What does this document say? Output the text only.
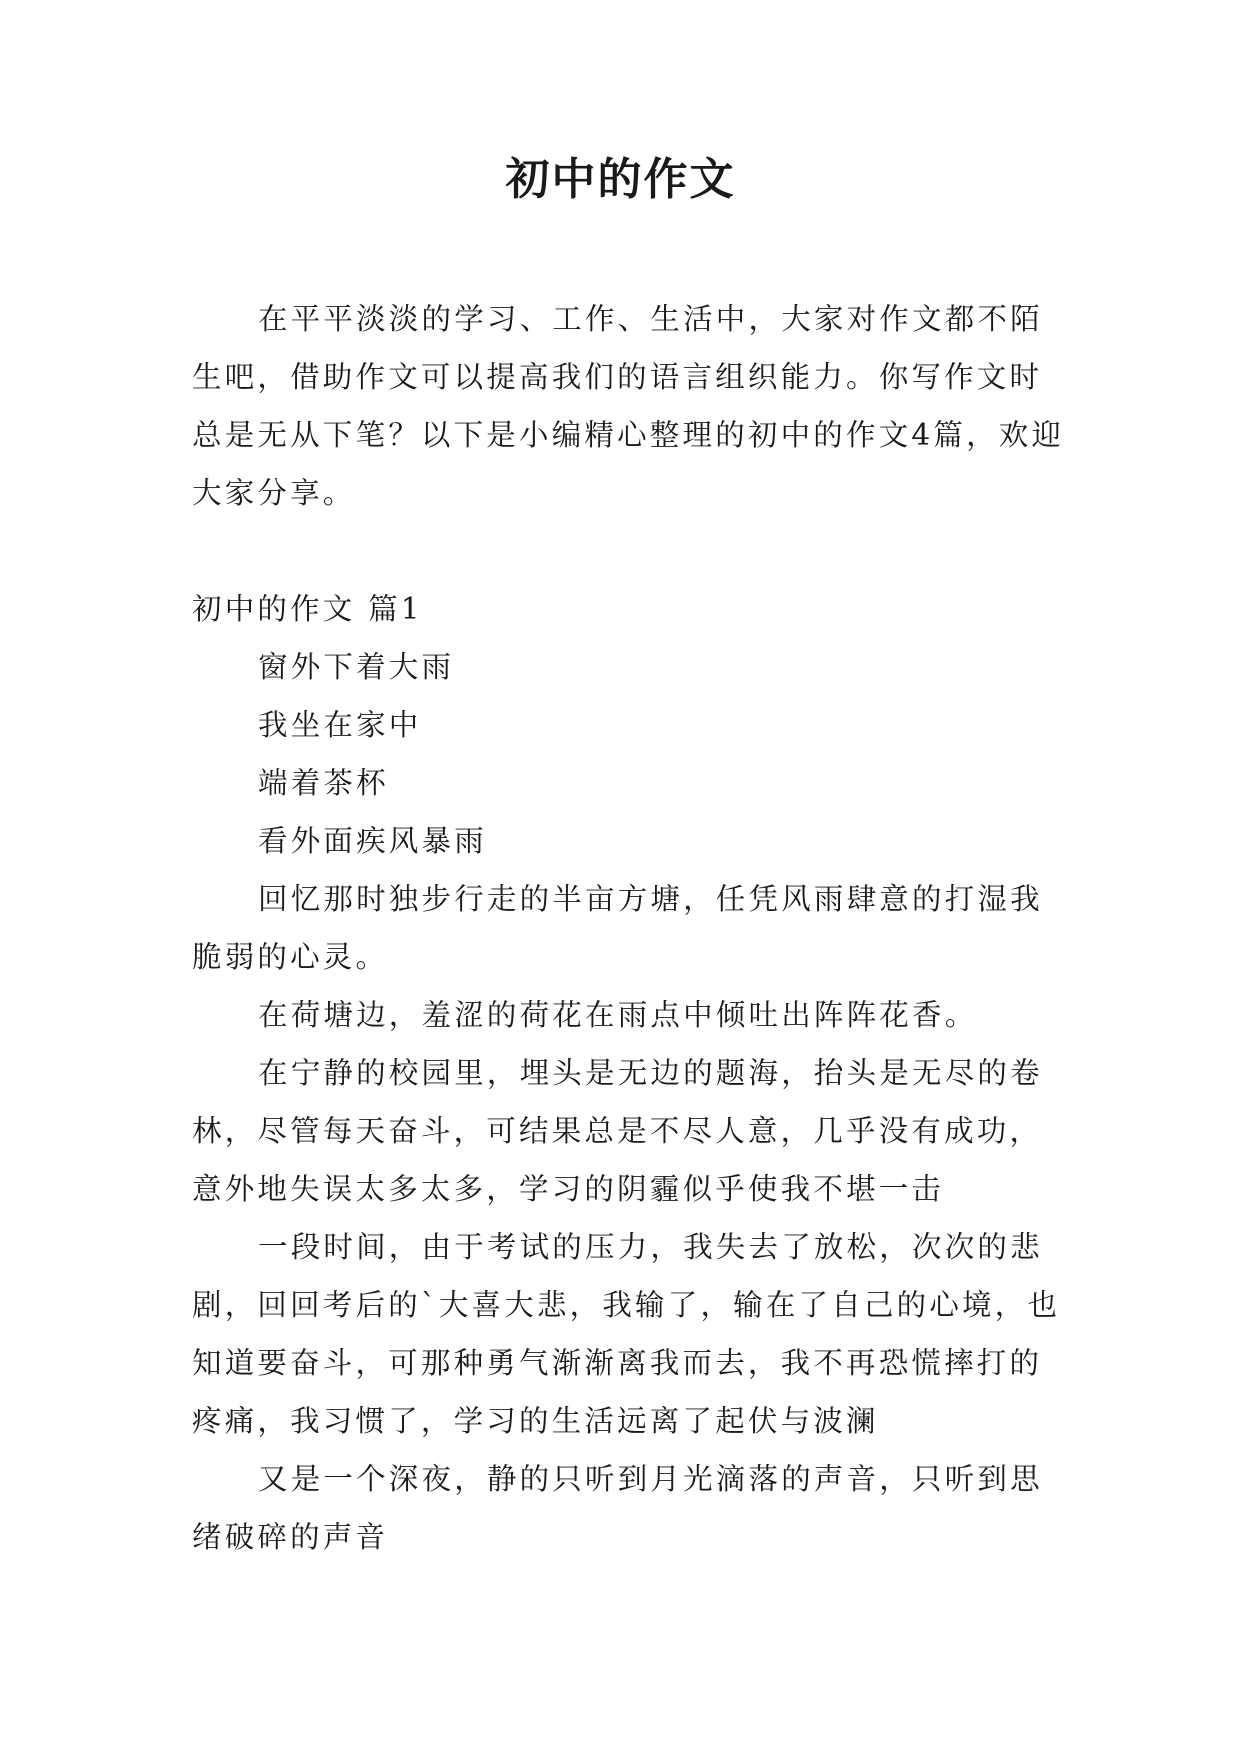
初中的作文

在平平淡淡的学习、工作、生活中，大家对作文都不陌生吧，借助作文可以提高我们的语言组织能力。你写作文时总是无从下笔？以下是小编精心整理的初中的作文4篇，欢迎大家分享。

初中的作文 篇1

窗外下着大雨

我坐在家中

端着茶杯

看外面疾风暴雨

回忆那时独步行走的半亩方塘，任凭风雨肆意的打湿我脆弱的心灵。

在荷塘边，羞涩的荷花在雨点中倾吐出阵阵花香。

在宁静的校园里，埋头是无边的题海，抬头是无尽的卷林，尽管每天奋斗，可结果总是不尽人意，几乎没有成功，意外地失误太多太多，学习的阴霾似乎使我不堪一击

一段时间，由于考试的压力，我失去了放松，次次的悲剧，回回考后的`大喜大悲，我输了，输在了自己的心境，也知道要奋斗，可那种勇气渐渐离我而去，我不再恐慌摔打的疼痛，我习惯了，学习的生活远离了起伏与波澜

又是一个深夜，静的只听到月光滴落的声音，只听到思绪破碎的声音
